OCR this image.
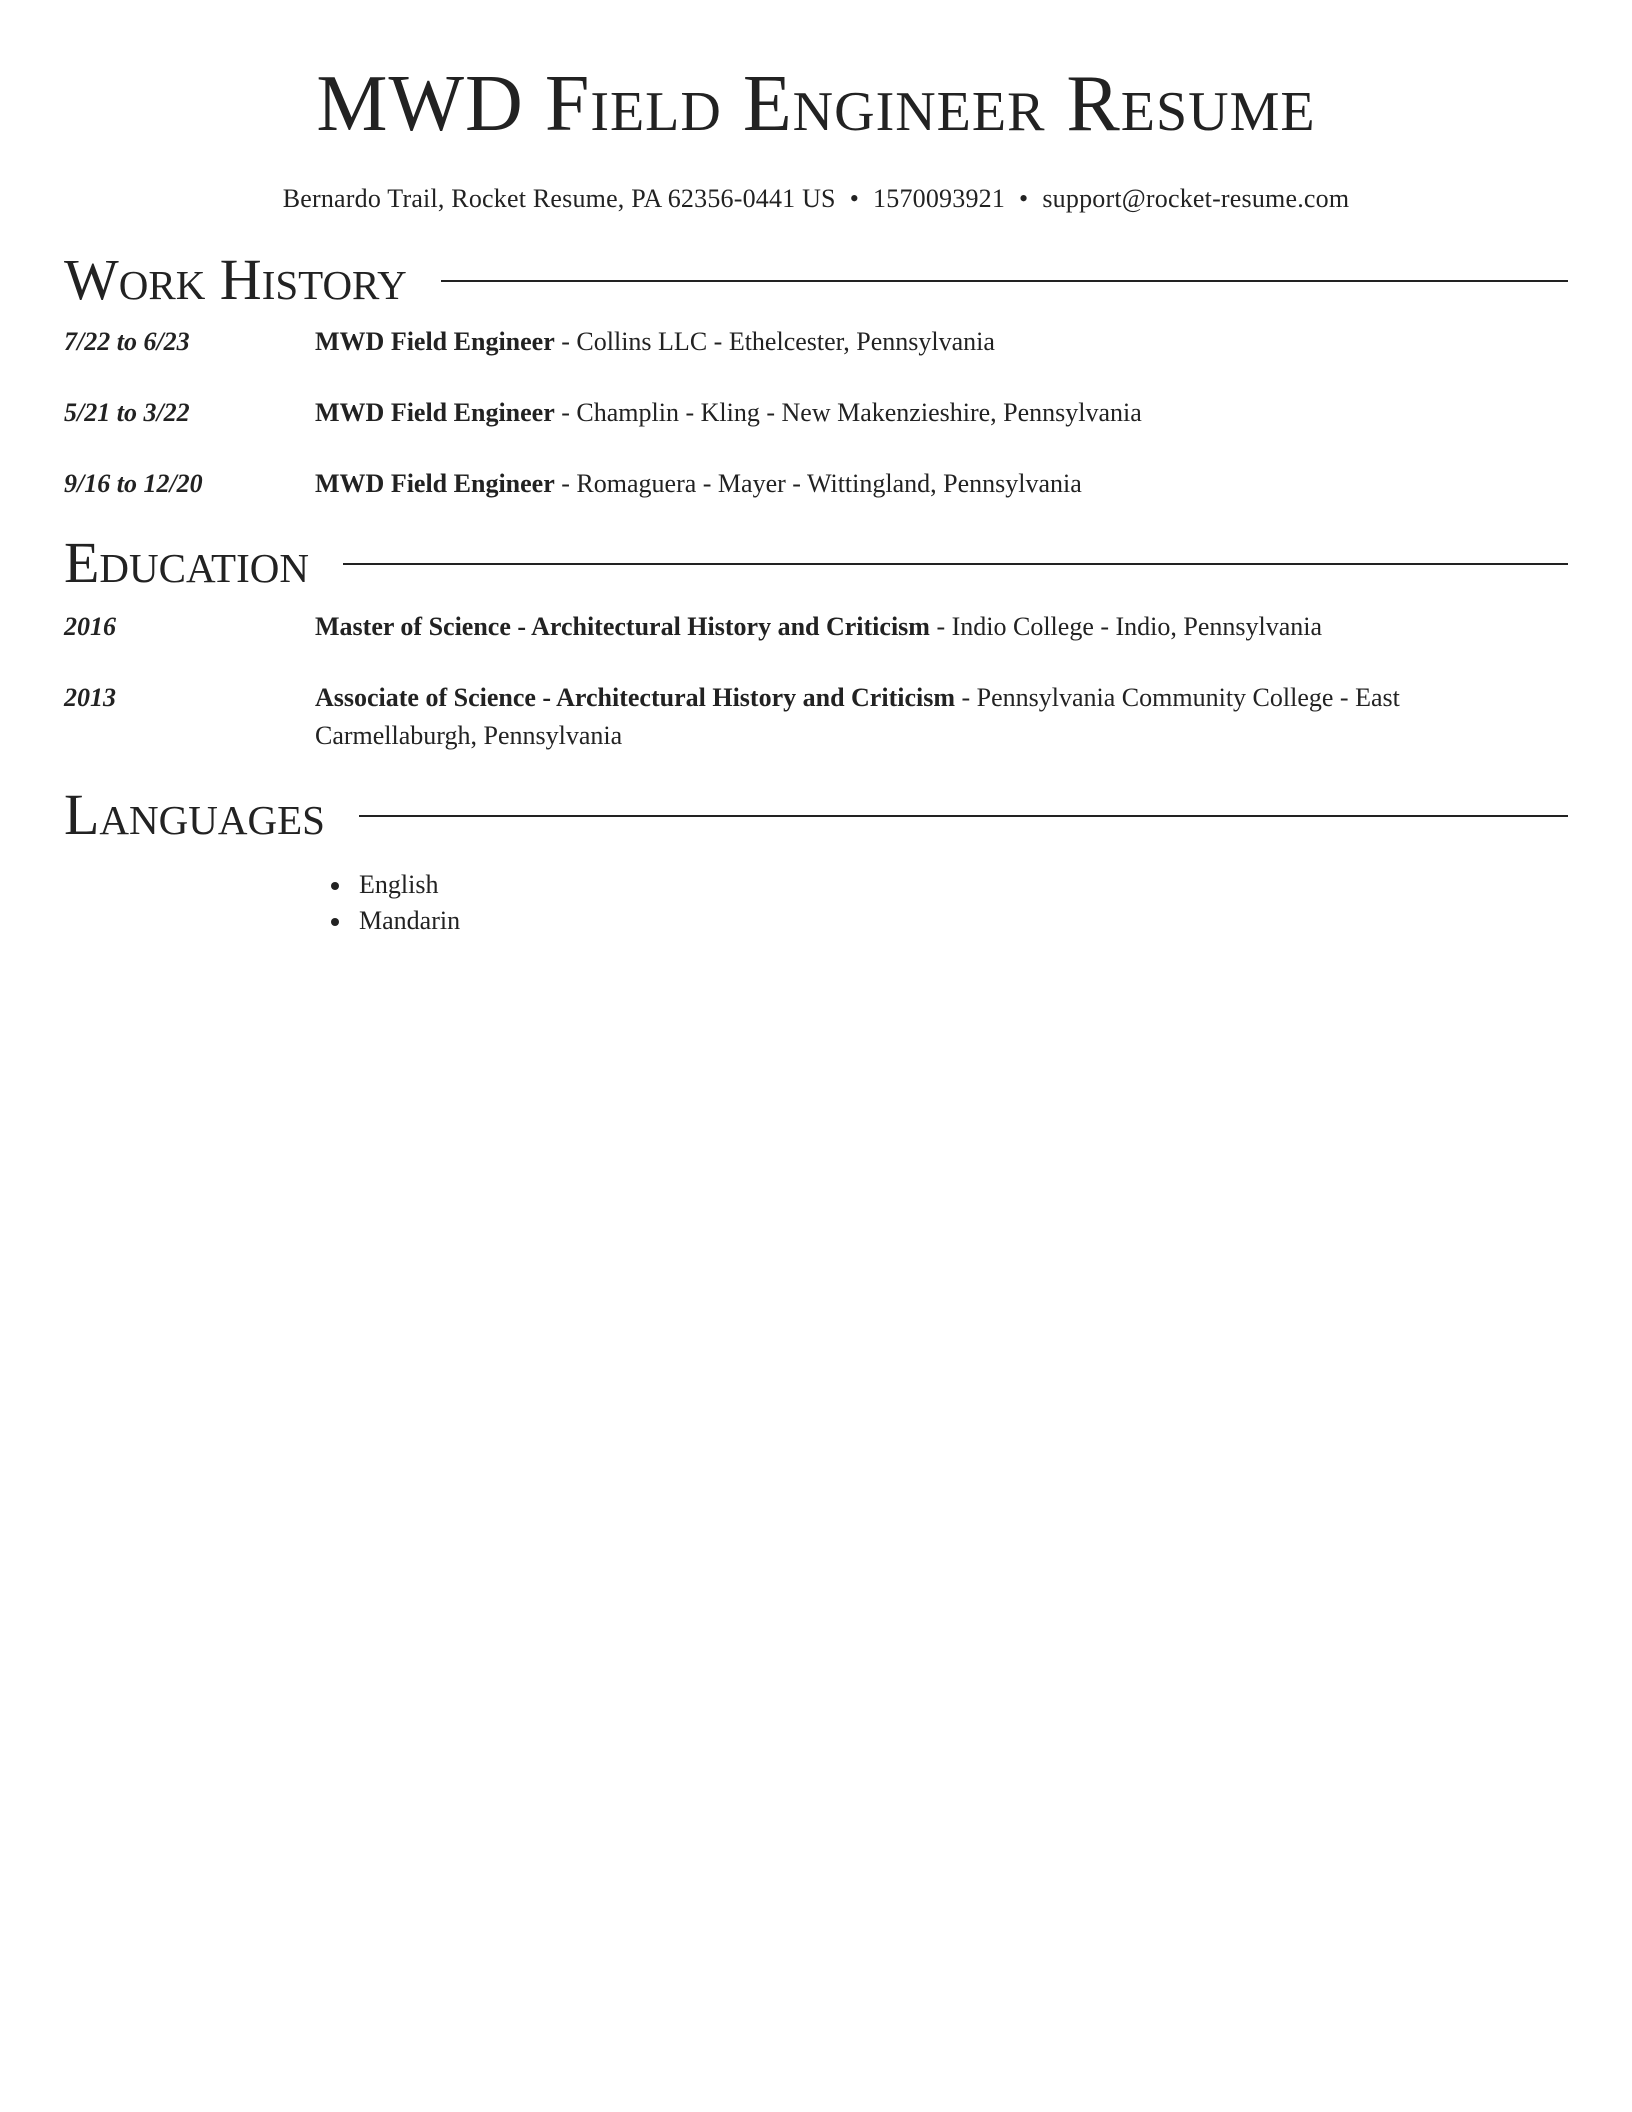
MWD Field Engineer Resume
Bernardo Trail, Rocket Resume, PA 62356-0441 US • 1570093921 • support@rocket-resume.com
Work History
7/22 to 6/23	MWD Field Engineer - Collins LLC - Ethelcester, Pennsylvania
5/21 to 3/22	MWD Field Engineer - Champlin - Kling - New Makenzieshire, Pennsylvania
9/16 to 12/20	MWD Field Engineer - Romaguera - Mayer - Wittingland, Pennsylvania
Education
2016	Master of Science - Architectural History and Criticism - Indio College - Indio, Pennsylvania
2013	Associate of Science - Architectural History and Criticism - Pennsylvania Community College - East Carmellaburgh, Pennsylvania
Languages
English
Mandarin
